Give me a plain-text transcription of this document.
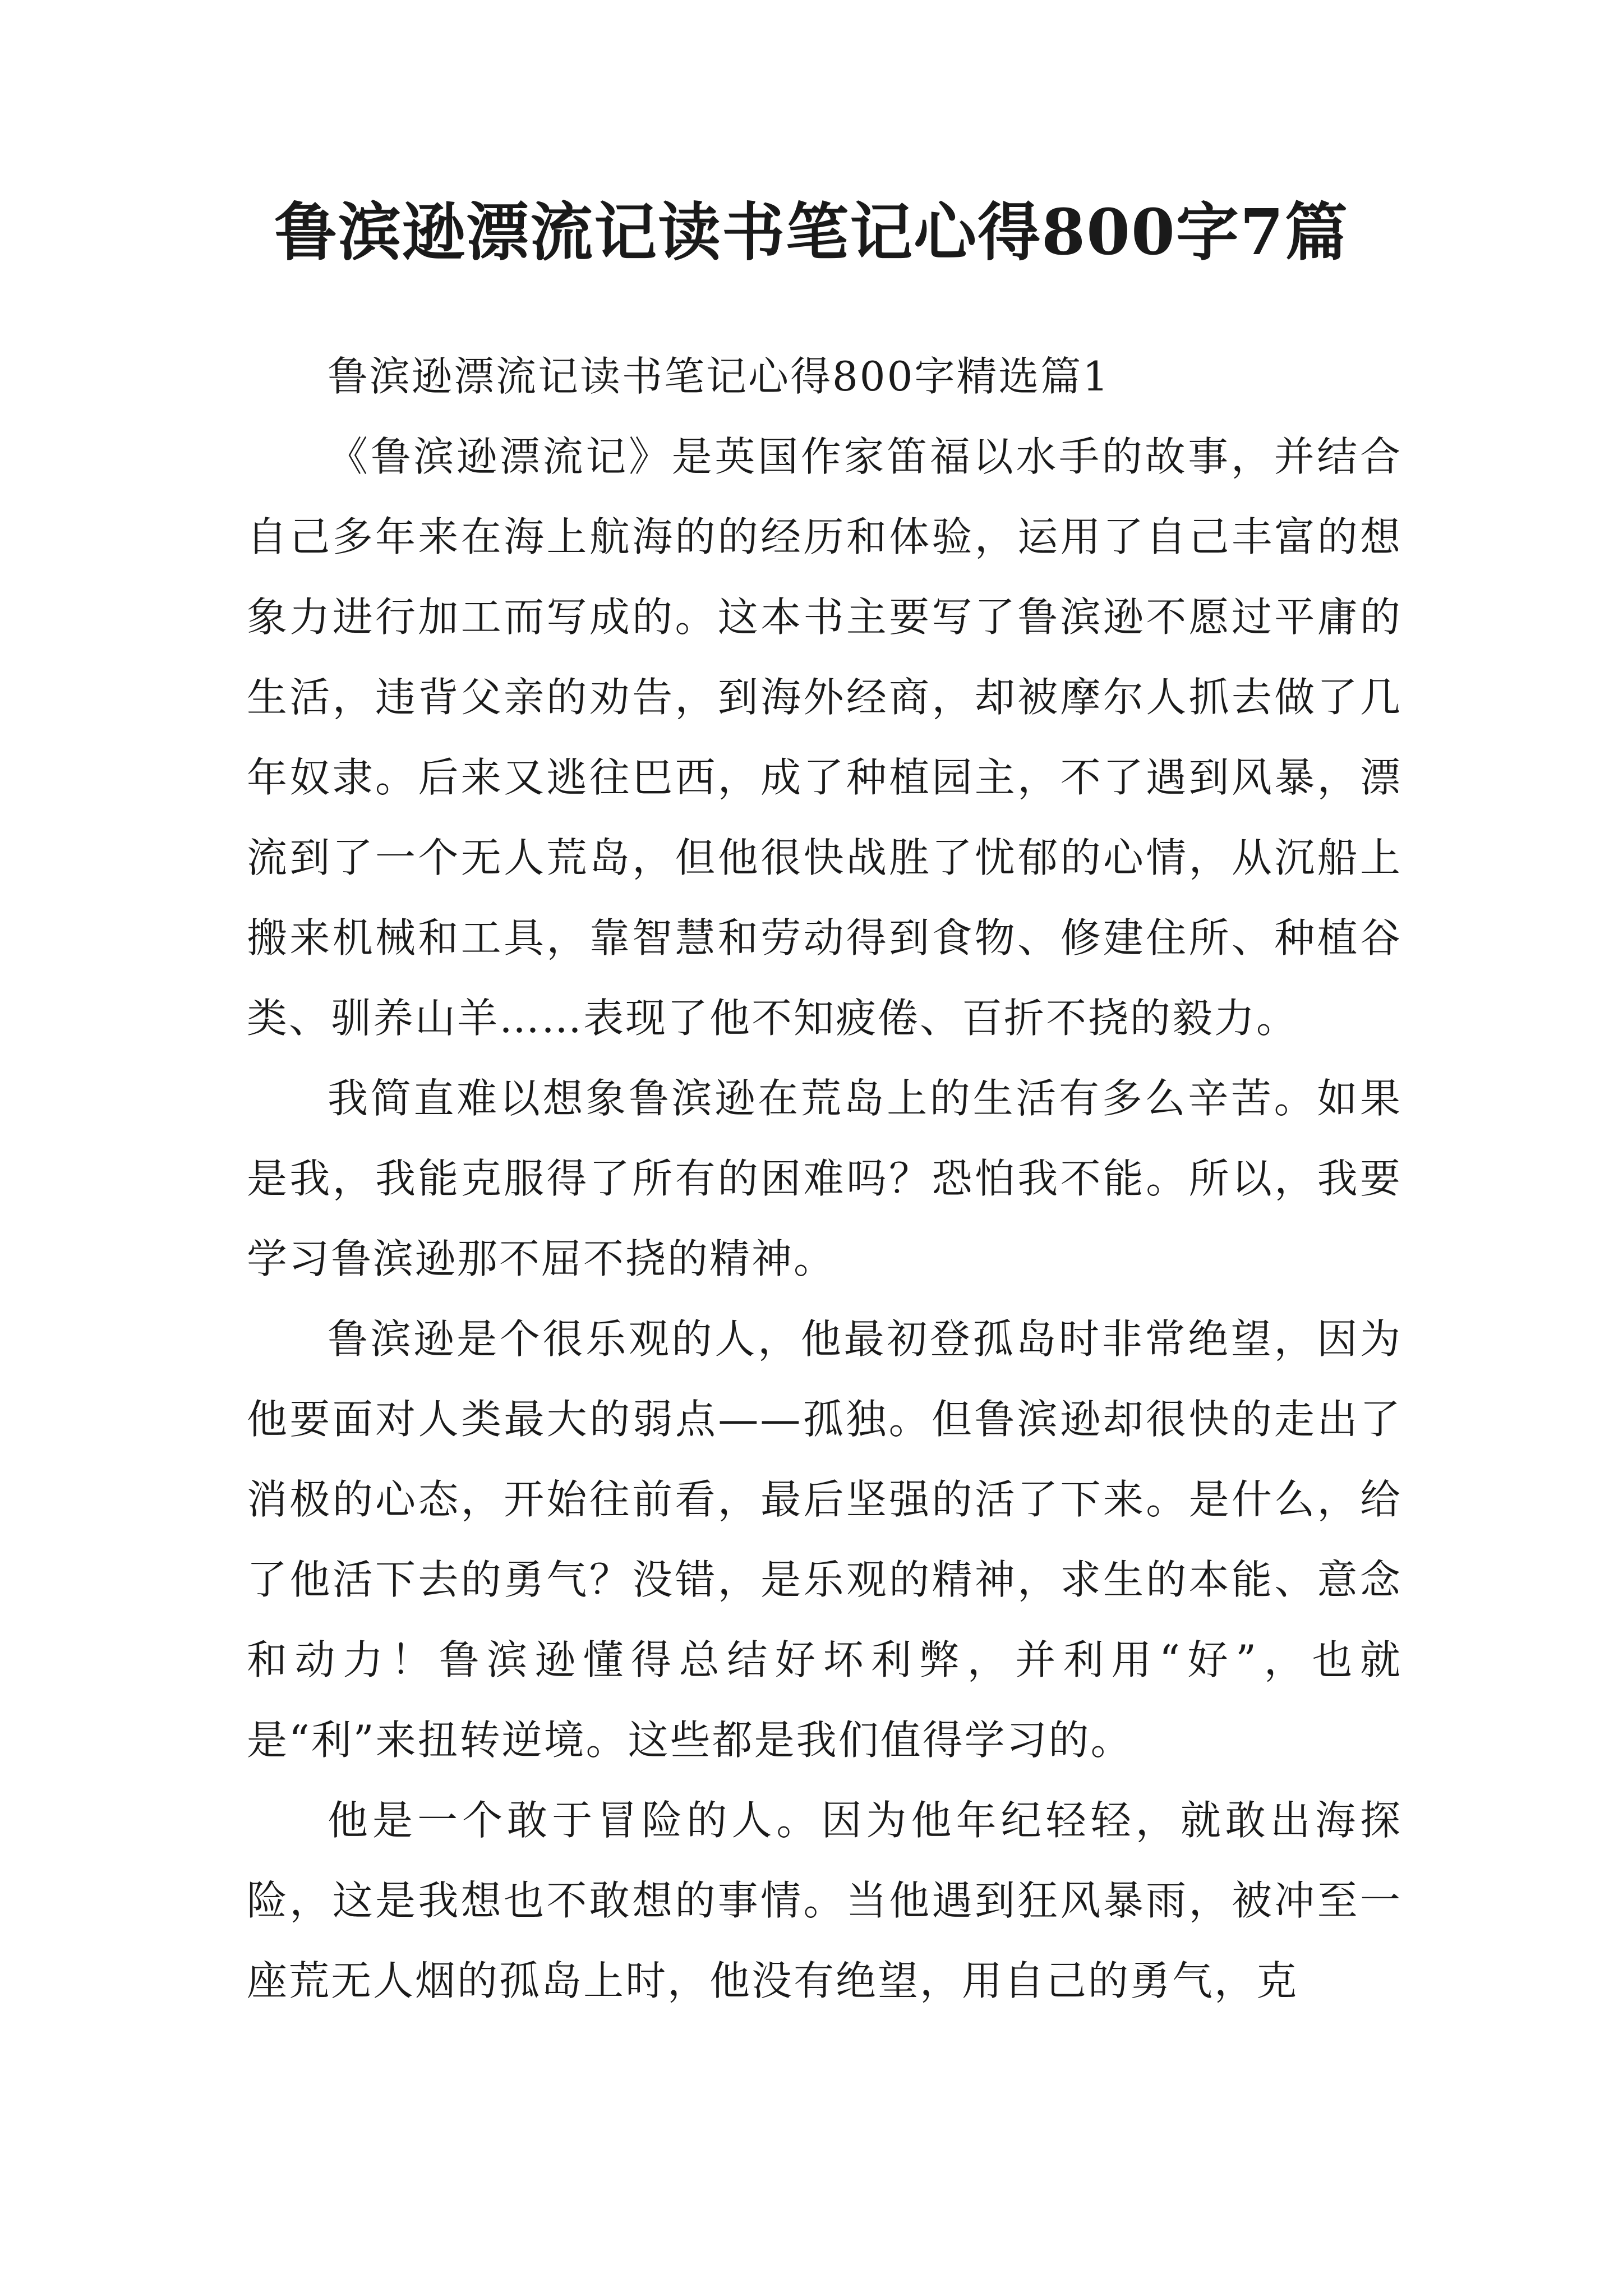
鲁滨逊漂流记读书笔记心得800字7篇

鲁滨逊漂流记读书笔记心得800字精选篇1

《鲁滨逊漂流记》是英国作家笛福以水手的故事，并结合自己多年来在海上航海的的经历和体验，运用了自己丰富的想象力进行加工而写成的。这本书主要写了鲁滨逊不愿过平庸的生活，违背父亲的劝告，到海外经商，却被摩尔人抓去做了几年奴隶。后来又逃往巴西，成了种植园主，不了遇到风暴，漂流到了一个无人荒岛，但他很快战胜了忧郁的心情，从沉船上搬来机械和工具，靠智慧和劳动得到食物、修建住所、种植谷类、驯养山羊……表现了他不知疲倦、百折不挠的毅力。

我简直难以想象鲁滨逊在荒岛上的生活有多么辛苦。如果是我，我能克服得了所有的困难吗？恐怕我不能。所以，我要学习鲁滨逊那不屈不挠的精神。

鲁滨逊是个很乐观的人，他最初登孤岛时非常绝望，因为他要面对人类最大的弱点——孤独。但鲁滨逊却很快的走出了消极的心态，开始往前看，最后坚强的活了下来。是什么，给了他活下去的勇气？没错，是乐观的精神，求生的本能、意念和动力！鲁滨逊懂得总结好坏利弊，并利用“好”，也就是“利”来扭转逆境。这些都是我们值得学习的。

他是一个敢于冒险的人。因为他年纪轻轻，就敢出海探险，这是我想也不敢想的事情。当他遇到狂风暴雨，被冲至一座荒无人烟的孤岛上时，他没有绝望，用自己的勇气，克
